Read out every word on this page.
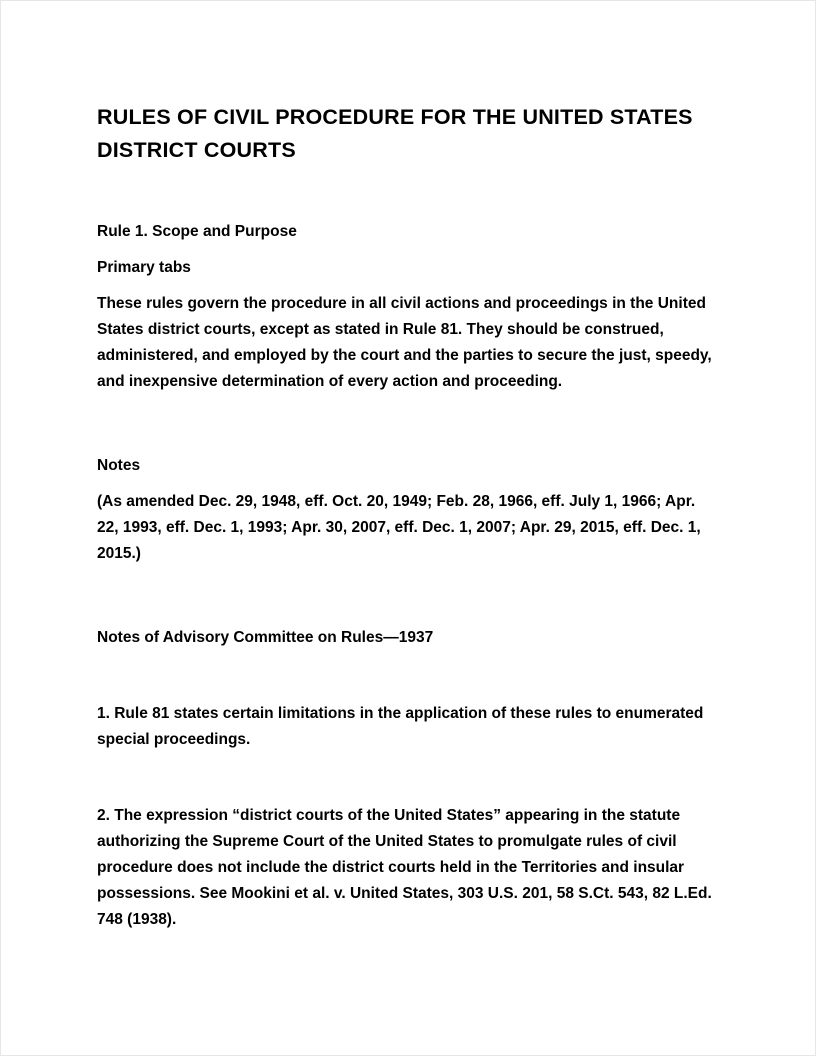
RULES OF CIVIL PROCEDURE FOR THE UNITED STATES DISTRICT COURTS

Rule 1. Scope and Purpose

Primary tabs

These rules govern the procedure in all civil actions and proceedings in the United States district courts, except as stated in Rule 81. They should be construed, administered, and employed by the court and the parties to secure the just, speedy, and inexpensive determination of every action and proceeding.

Notes

(As amended Dec. 29, 1948, eff. Oct. 20, 1949; Feb. 28, 1966, eff. July 1, 1966; Apr. 22, 1993, eff. Dec. 1, 1993; Apr. 30, 2007, eff. Dec. 1, 2007; Apr. 29, 2015, eff. Dec. 1, 2015.)

Notes of Advisory Committee on Rules—1937

1. Rule 81 states certain limitations in the application of these rules to enumerated special proceedings.

2. The expression “district courts of the United States” appearing in the statute authorizing the Supreme Court of the United States to promulgate rules of civil procedure does not include the district courts held in the Territories and insular possessions. See Mookini et al. v. United States, 303 U.S. 201, 58 S.Ct. 543, 82 L.Ed. 748 (1938).
